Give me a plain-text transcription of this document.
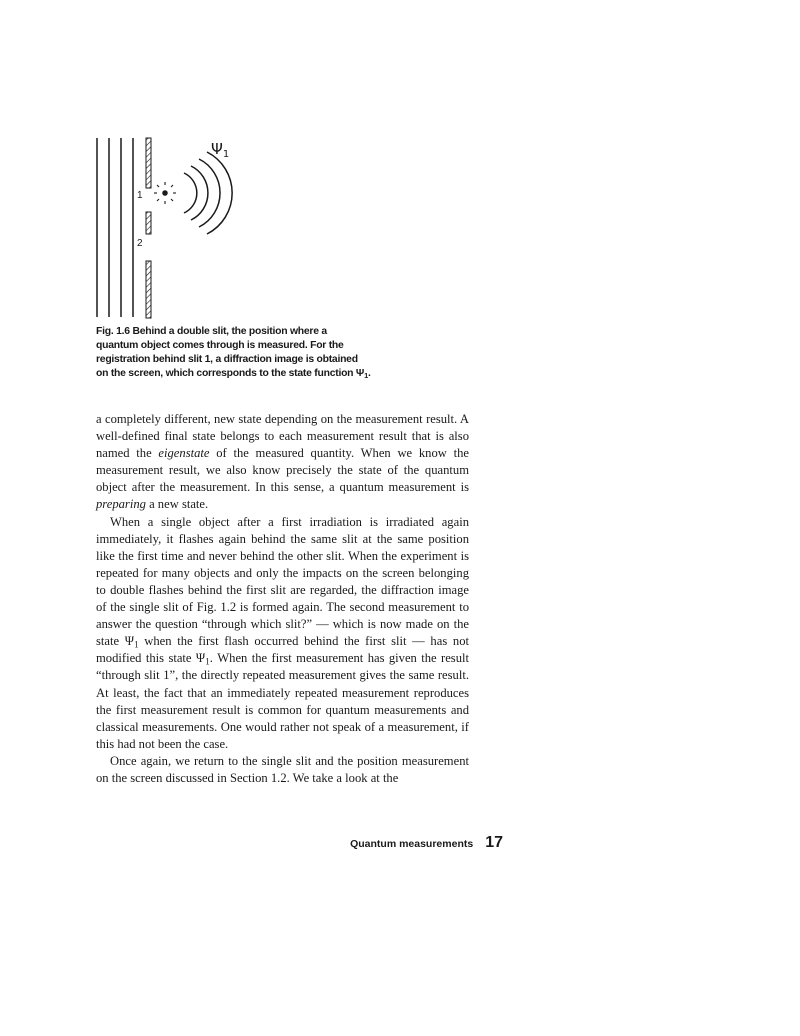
1
2
$\Psi_1$
Fig. 1.6 Behind a double slit, the position where a quantum object comes through is measured. For the registration behind slit 1, a diffraction image is obtained on the screen, which corresponds to the state function $\Psi_1$.

a completely different, new state depending on the measurement result. A well-defined final state belongs to each measurement result that is also named the eigenstate of the measured quantity. When we know the measurement result, we also know precisely the state of the quantum object after the measurement. In this sense, a quantum measurement is preparing a new state.

When a single object after a first irradiation is irradiated again immediately, it flashes again behind the same slit at the same position like the first time and never behind the other slit. When the experiment is repeated for many objects and only the impacts on the screen belonging to double flashes behind the first slit are regarded, the diffraction image of the single slit of Fig. 1.2 is formed again. The second measurement to answer the question “through which slit?” — which is now made on the state $\Psi_1$ when the first flash occurred behind the first slit — has not modified this state $\Psi_1$. When the first measurement has given the result “through slit 1”, the directly repeated measurement gives the same result. At least, the fact that an immediately repeated measurement reproduces the first measurement result is common for quantum measurements and classical measurements. One would rather not speak of a measurement, if this had not been the case.

Once again, we return to the single slit and the position measurement on the screen discussed in Section 1.2. We take a look at the

Quantum measurements 17
